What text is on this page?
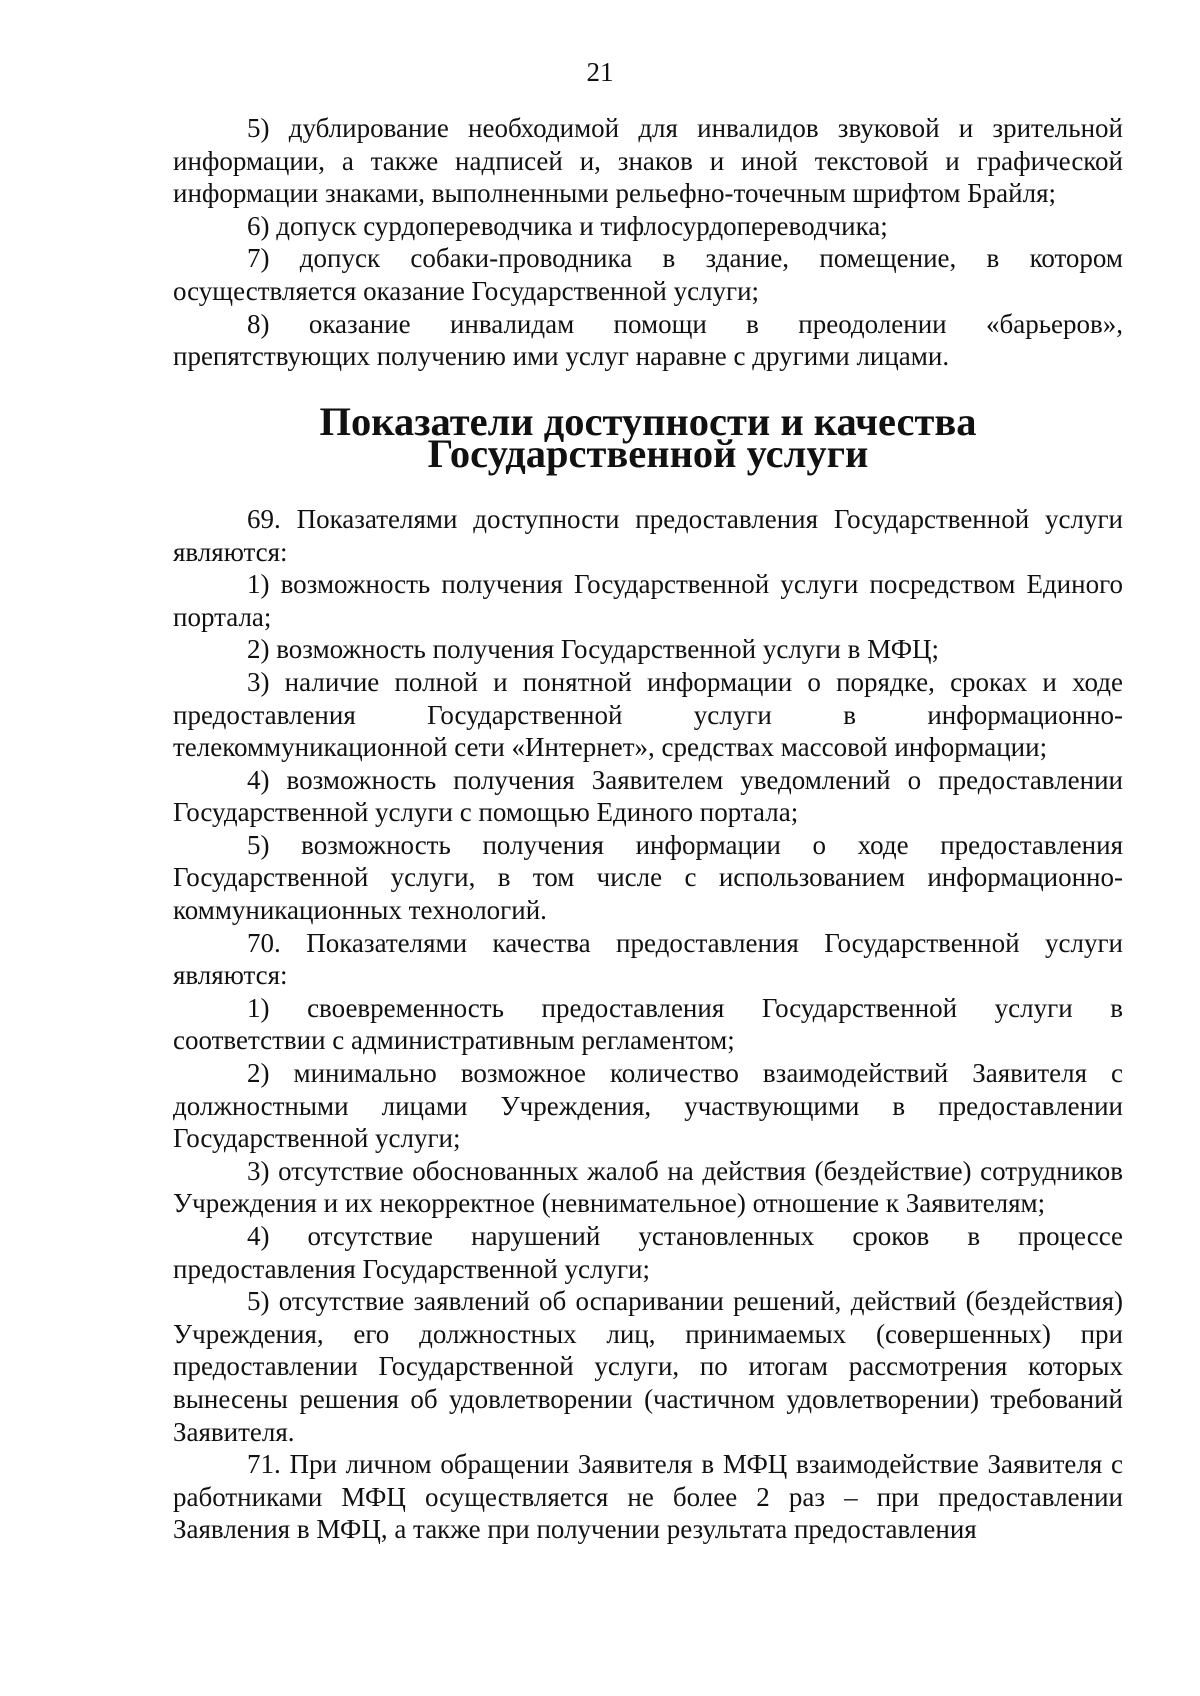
21

5) дублирование необходимой для инвалидов звуковой и зрительной информации, а также надписей и, знаков и иной текстовой и графической информации знаками, выполненными рельефно-точечным шрифтом Брайля;

6) допуск сурдопереводчика и тифлосурдопереводчика;

7) допуск собаки-проводника в здание, помещение, в котором осуществляется оказание Государственной услуги;

8) оказание инвалидам помощи в преодолении «барьеров», препятствующих получению ими услуг наравне с другими лицами.

Показатели доступности и качества Государственной услуги

69. Показателями доступности предоставления Государственной услуги являются:

1) возможность получения Государственной услуги посредством Единого портала;

2) возможность получения Государственной услуги в МФЦ;

3) наличие полной и понятной информации о порядке, сроках и ходе предоставления Государственной услуги в информационно-телекоммуникационной сети «Интернет», средствах массовой информации;

4) возможность получения Заявителем уведомлений о предоставлении Государственной услуги с помощью Единого портала;

5) возможность получения информации о ходе предоставления Государственной услуги, в том числе с использованием информационно-коммуникационных технологий.

70. Показателями качества предоставления Государственной услуги являются:

1) своевременность предоставления Государственной услуги в соответствии с административным регламентом;

2) минимально возможное количество взаимодействий Заявителя с должностными лицами Учреждения, участвующими в предоставлении Государственной услуги;

3) отсутствие обоснованных жалоб на действия (бездействие) сотрудников Учреждения и их некорректное (невнимательное) отношение к Заявителям;

4) отсутствие нарушений установленных сроков в процессе предоставления Государственной услуги;

5) отсутствие заявлений об оспаривании решений, действий (бездействия) Учреждения, его должностных лиц, принимаемых (совершенных) при предоставлении Государственной услуги, по итогам рассмотрения которых вынесены решения об удовлетворении (частичном удовлетворении) требований Заявителя.

71. При личном обращении Заявителя в МФЦ взаимодействие Заявителя с работниками МФЦ осуществляется не более 2 раз – при предоставлении Заявления в МФЦ, а также при получении результата предоставления
